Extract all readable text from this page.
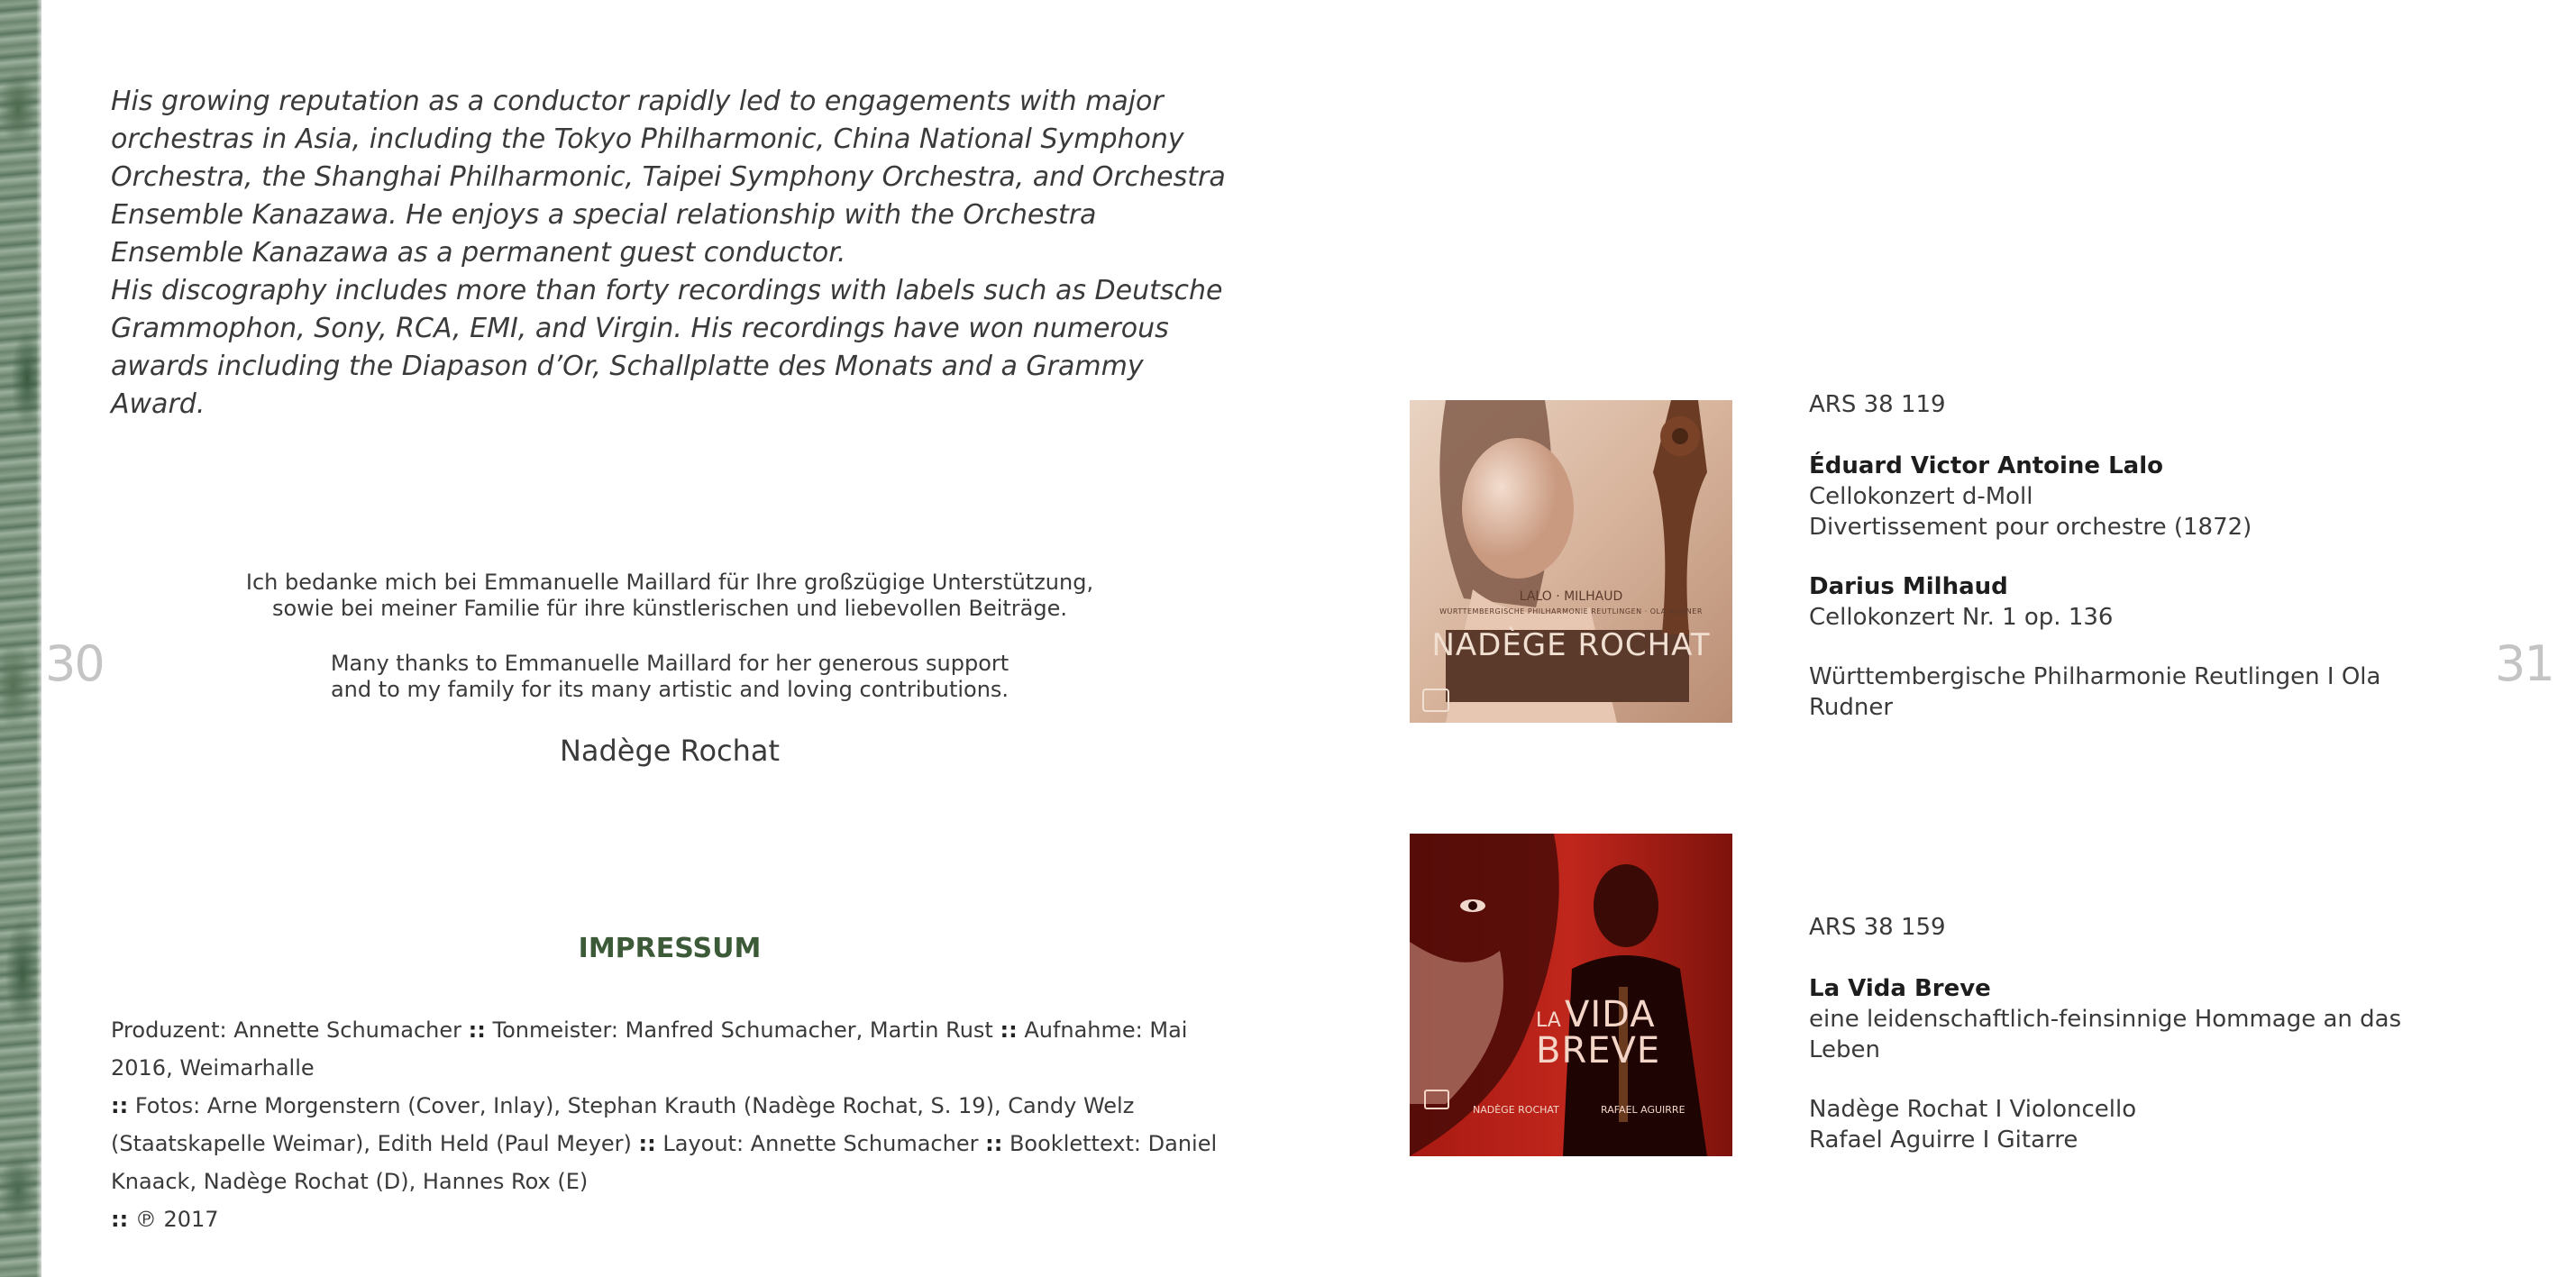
His growing reputation as a conductor rapidly led to engagements with major orchestras in Asia, including the Tokyo Philharmonic, China National Symphony Orchestra, the Shanghai Philharmonic, Taipei Symphony Orchestra, and Orchestra Ensemble Kanazawa. He enjoys a special relationship with the Orchestra Ensemble Kanazawa as a permanent guest conductor.

His discography includes more than forty recordings with labels such as Deutsche Grammophon, Sony, RCA, EMI, and Virgin. His recordings have won numerous awards including the Diapason d’Or, Schallplatte des Monats and a Grammy Award.

30	31

Ich bedanke mich bei Emmanuelle Maillard für Ihre großzügige Unterstützung,
sowie bei meiner Familie für ihre künstlerischen und liebevollen Beiträge.

Many thanks to Emmanuelle Maillard for her generous support
and to my family for its many artistic and loving contributions.

Nadège Rochat
IMPRESSUM

Produzent: Annette Schumacher :: Tonmeister: Manfred Schumacher, Martin Rust :: Aufnahme: Mai 2016, Weimarhalle
:: Fotos: Arne Morgenstern (Cover, Inlay), Stephan Krauth (Nadège Rochat, S. 19), Candy Welz (Staatskapelle Weimar), Edith Held (Paul Meyer) :: Layout: Annette Schumacher :: Booklettext: Daniel Knaack, Nadège Rochat (D), Hannes Rox (E)
:: ℗ 2017

LALO · MILHAUD
WÜRTTEMBERGISCHE PHILHARMONIE REUTLINGEN · OLA RUDNER
NADÈGE ROCHAT
LA VIDA
BREVE
NADÈGE ROCHAT	RAFAEL AGUIRRE
ARS 38 119
Éduard Victor Antoine Lalo
Cellokonzert d-Moll
Divertissement pour orchestre (1872)
Darius Milhaud
Cellokonzert Nr. 1 op. 136
Württembergische Philharmonie Reutlingen I Ola Rudner
ARS 38 159
La Vida Breve
eine leidenschaftlich-feinsinnige Hommage an das Leben
Nadège Rochat I Violoncello
Rafael Aguirre I Gitarre
